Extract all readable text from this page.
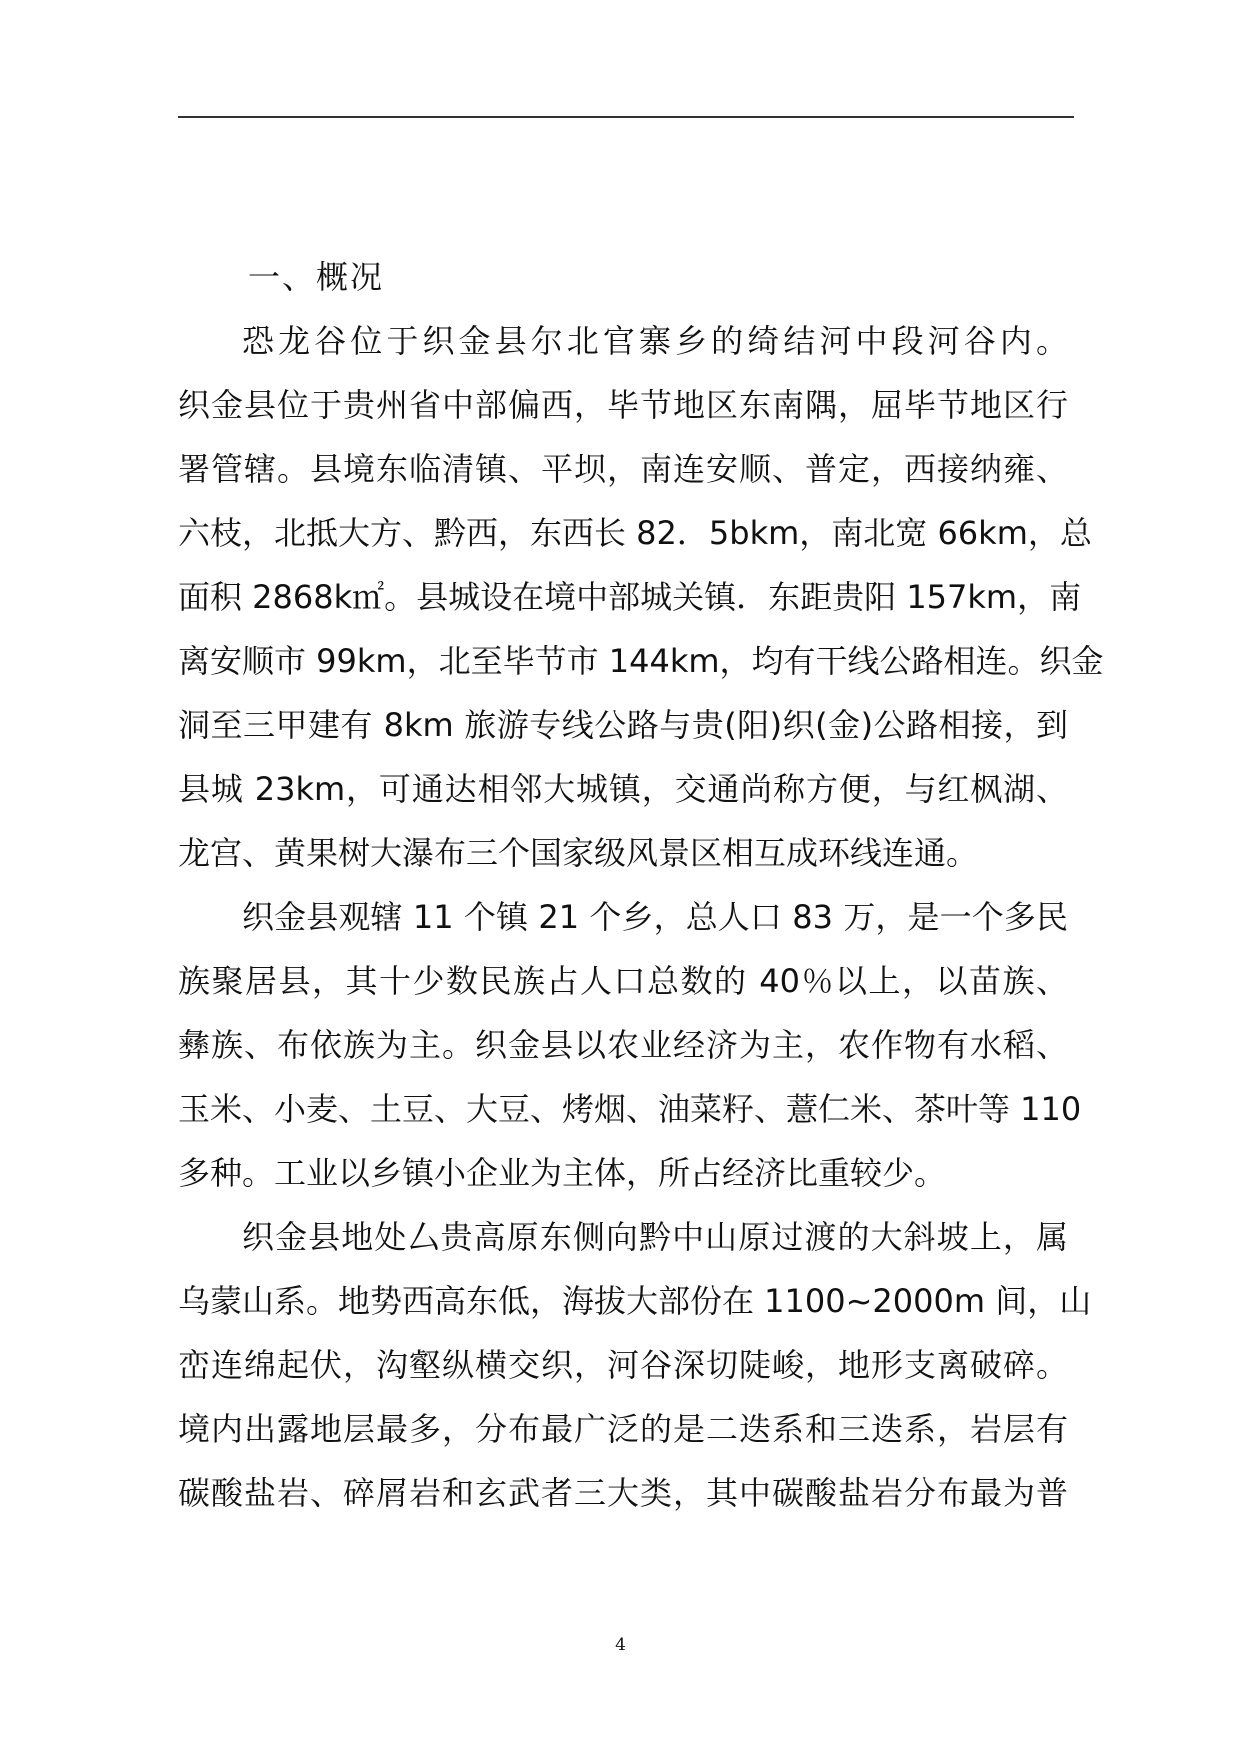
一、概况
恐龙谷位于织金县尔北官寨乡的绮结河中段河谷内。
织金县位于贵州省中部偏西，毕节地区东南隅，屈毕节地区行
署管辖。县境东临清镇、平坝，南连安顺、普定，西接纳雍、
六枝，北抵大方、黔西，东西长 82．5bkm，南北宽 66km，总
面积 2868k㎡。县城设在境中部城关镇．东距贵阳 157km，南
离安顺市 99km，北至毕节市 144km，均有干线公路相连。织金
洞至三甲建有 8km 旅游专线公路与贵(阳)织(金)公路相接，到
县城 23km，可通达相邻大城镇，交通尚称方便，与红枫湖、
龙宫、黄果树大瀑布三个国家级风景区相互成环线连通。
织金县观辖 11 个镇 21 个乡，总人口 83 万，是一个多民
族聚居县，其十少数民族占人口总数的 40％以上，以苗族、
彝族、布依族为主。织金县以农业经济为主，农作物有水稻、
玉米、小麦、土豆、大豆、烤烟、油菜籽、薏仁米、茶叶等 110
多种。工业以乡镇小企业为主体，所占经济比重较少。
织金县地处厶贵高原东侧向黔中山原过渡的大斜坡上，属
乌蒙山系。地势西高东低，海拔大部份在 1100~2000m 间，山
峦连绵起伏，沟壑纵横交织，河谷深切陡峻，地形支离破碎。
境内出露地层最多，分布最广泛的是二迭系和三迭系，岩层有
碳酸盐岩、碎屑岩和玄武者三大类，其中碳酸盐岩分布最为普
4
